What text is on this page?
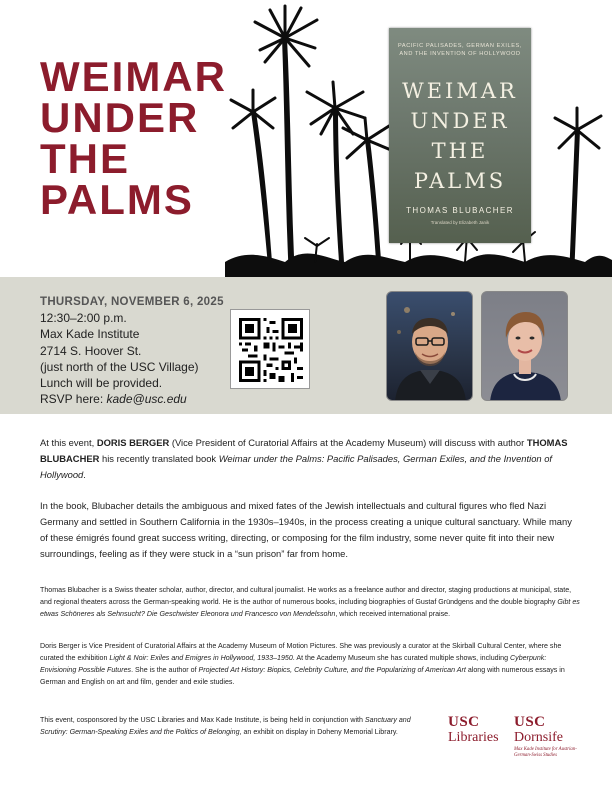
WEIMAR
UNDER
THE
PALMS
PACIFIC PALISADES, GERMAN EXILES, AND THE INVENTION OF HOLLYWOOD
WEIMAR
UNDER
THE
PALMS
THOMAS BLUBACHER
Translated by Elizabeth Janik
THURSDAY, NOVEMBER 6, 2025
12:30–2:00 p.m.
Max Kade Institute
2714 S. Hoover St.
(just north of the USC Village)
Lunch will be provided.
RSVP here: kade@usc.edu
At this event, DORIS BERGER (Vice President of Curatorial Affairs at the Academy Museum) will discuss with author THOMAS BLUBACHER his recently translated book Weimar under the Palms: Pacific Palisades, German Exiles, and the Invention of Hollywood.
In the book, Blubacher details the ambiguous and mixed fates of the Jewish intellectuals and cultural figures who fled Nazi Germany and settled in Southern California in the 1930s–1940s, in the process creating a unique cultural sanctuary. While many of these émigrés found great success writing, directing, or composing for the film industry, some never quite fit into their new surroundings, feeling as if they were stuck in a “sun prison” far from home.
Thomas Blubacher is a Swiss theater scholar, author, director, and cultural journalist. He works as a freelance author and director, staging productions at municipal, state, and regional theaters across the German-speaking world. He is the author of numerous books, including biographies of Gustaf Gründgens and the double biography Gibt es etwas Schöneres als Sehnsucht? Die Geschwister Eleonora und Francesco von Mendelssohn, which received international praise.
Doris Berger is Vice President of Curatorial Affairs at the Academy Museum of Motion Pictures. She was previously a curator at the Skirball Cultural Center, where she curated the exhibition Light & Noir: Exiles and Emigres in Hollywood, 1933–1950. At the Academy Museum she has curated multiple shows, including Cyberpunk: Envisioning Possible Futures. She is the author of Projected Art History: Biopics, Celebrity Culture, and the Popularizing of American Art along with numerous essays in German and English on art and film, gender and exile studies.
This event, cosponsored by the USC Libraries and Max Kade Institute, is being held in conjunction with Sanctuary and Scrutiny: German-Speaking Exiles and the Politics of Belonging, an exhibit on display in Doheny Memorial Library.
USC
Libraries
USC
Dornsife
Max Kade Institute for Austrian-German-Swiss Studies
